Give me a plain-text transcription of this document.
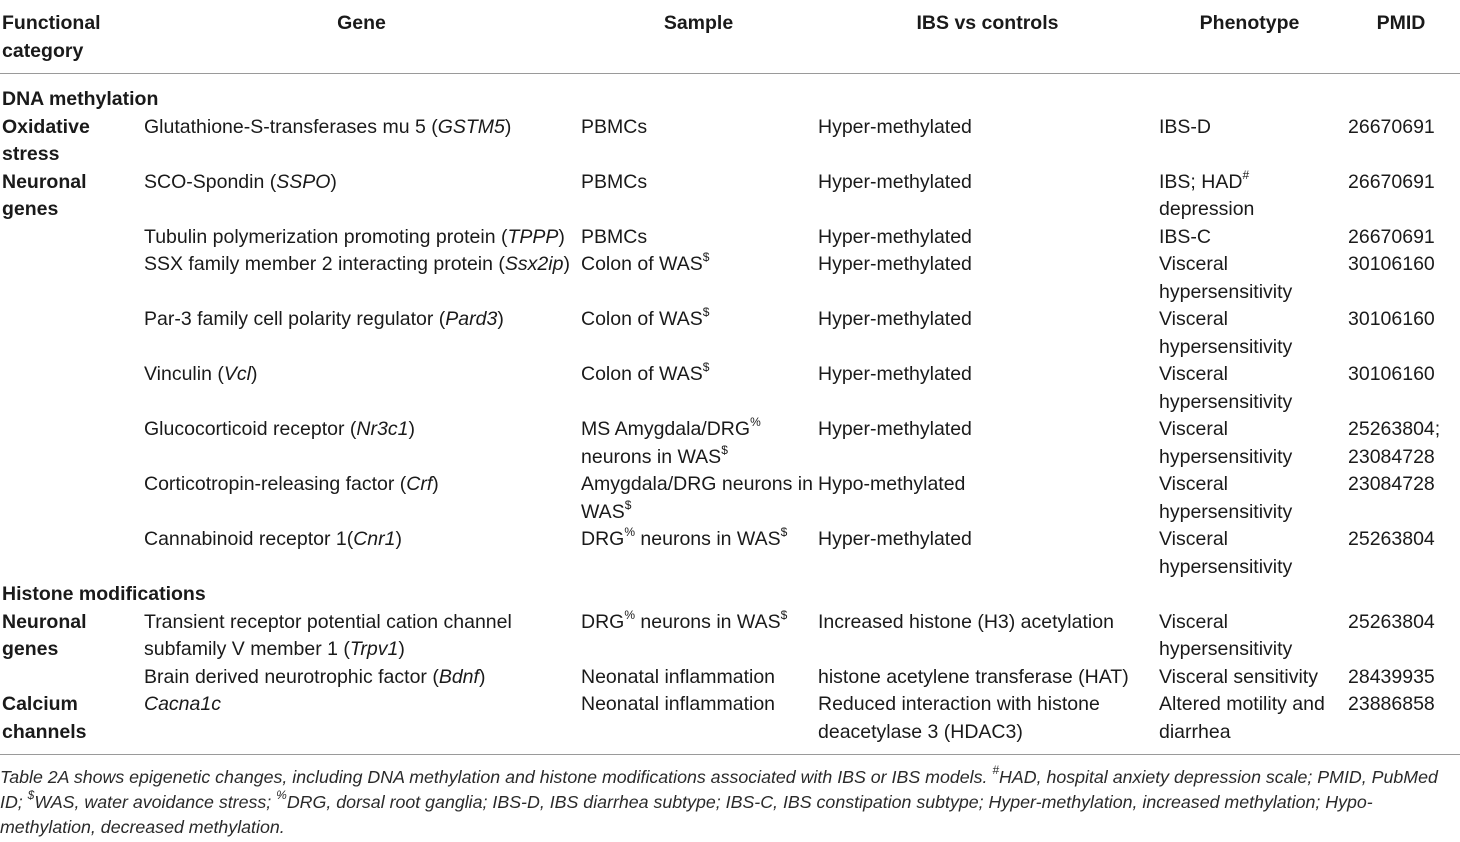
Functional category	Gene	Sample	IBS vs controls	Phenotype	PMID
DNA methylation					
Oxidative stress	Glutathione-S-transferases mu 5 (GSTM5)	PBMCs	Hyper-methylated	IBS-D	26670691
Neuronal genes	SCO-Spondin (SSPO)	PBMCs	Hyper-methylated	IBS; HAD# depression	26670691
	Tubulin polymerization promoting protein (TPPP)	PBMCs	Hyper-methylated	IBS-C	26670691
	SSX family member 2 interacting protein (Ssx2ip)	Colon of WAS$	Hyper-methylated	Visceral hypersensitivity	30106160
	Par-3 family cell polarity regulator (Pard3)	Colon of WAS$	Hyper-methylated	Visceral hypersensitivity	30106160
	Vinculin (Vcl)	Colon of WAS$	Hyper-methylated	Visceral hypersensitivity	30106160
	Glucocorticoid receptor (Nr3c1)	MS Amygdala/DRG% neurons in WAS$	Hyper-methylated	Visceral hypersensitivity	25263804; 23084728
	Corticotropin-releasing factor (Crf)	Amygdala/DRG neurons in WAS$	Hypo-methylated	Visceral hypersensitivity	23084728
	Cannabinoid receptor 1(Cnr1)	DRG% neurons in WAS$	Hyper-methylated	Visceral hypersensitivity	25263804
Histone modifications					
Neuronal genes	Transient receptor potential cation channel subfamily V member 1 (Trpv1)	DRG% neurons in WAS$	Increased histone (H3) acetylation	Visceral hypersensitivity	25263804
	Brain derived neurotrophic factor (Bdnf)	Neonatal inflammation	histone acetylene transferase (HAT)	Visceral sensitivity	28439935
Calcium channels	Cacna1c	Neonatal inflammation	Reduced interaction with histone deacetylase 3 (HDAC3)	Altered motility and diarrhea	23886858
Table 2A shows epigenetic changes, including DNA methylation and histone modifications associated with IBS or IBS models. #HAD, hospital anxiety depression scale; PMID, PubMed ID; $WAS, water avoidance stress; %DRG, dorsal root ganglia; IBS-D, IBS diarrhea subtype; IBS-C, IBS constipation subtype; Hyper-methylation, increased methylation; Hypo-methylation, decreased methylation.
